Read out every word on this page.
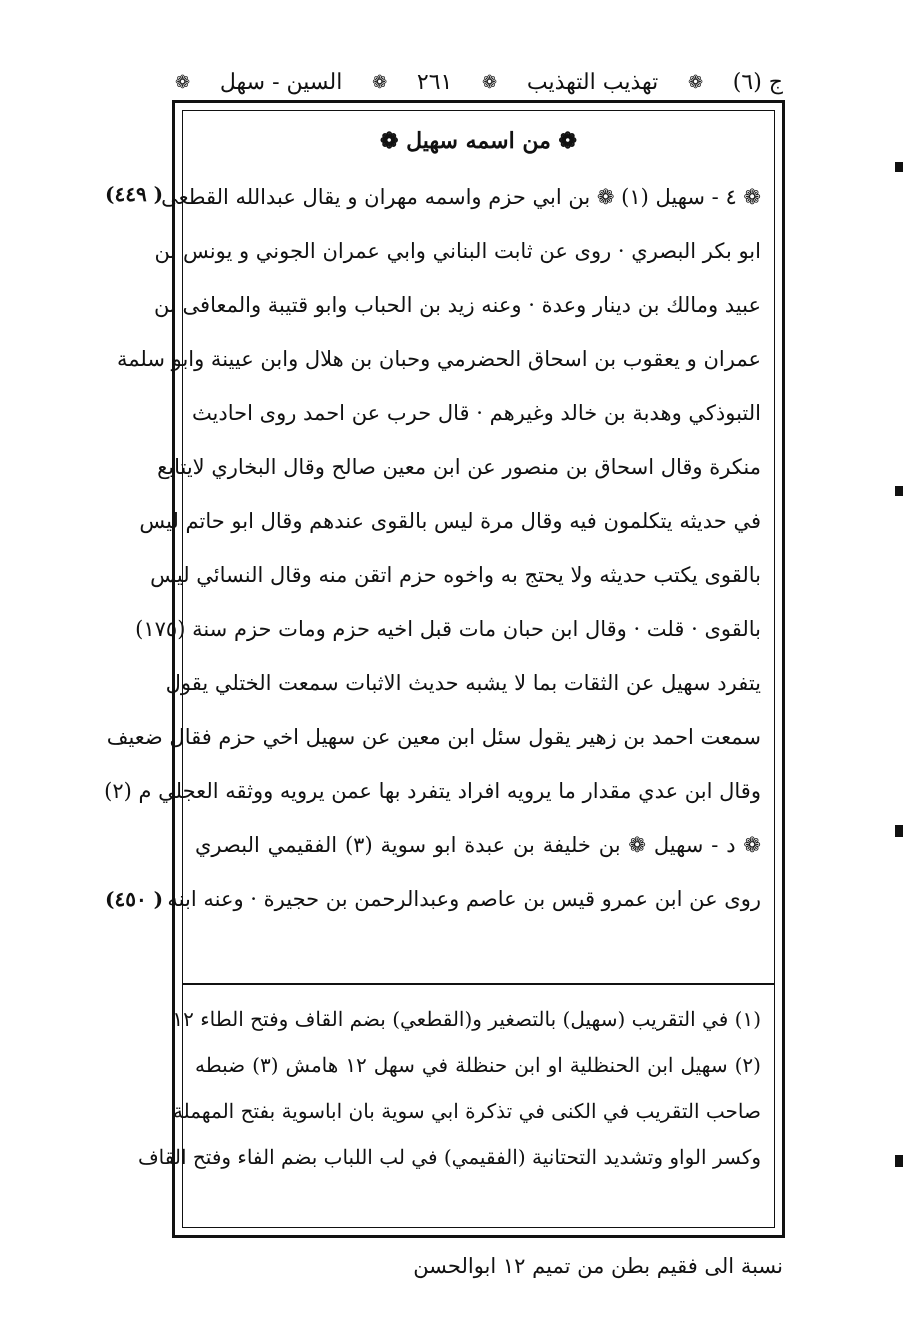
ج (٦)
❁
تهذيب التهذيب
❁
٢٦١
❁
السين - سهل
❁
❁ من اسمه سهيل ❁
( ٤٤٩)
( ٤٥٠)
❁ ٤ - سهيل (١) ❁ بن ابي حزم واسمه مهران و يقال عبدالله القطعى
ابو بكر البصري · روى عن ثابت البناني وابي عمران الجوني و يونس بن
عبيد ومالك بن دينار وعدة · وعنه زيد بن الحباب وابو قتيبة والمعافى بن
عمران و يعقوب بن اسحاق الحضرمي وحبان بن هلال وابن عيينة وابو سلمة
التبوذكي وهدبة بن خالد وغيرهم · قال حرب عن احمد روى احاديث
منكرة وقال اسحاق بن منصور عن ابن معين صالح وقال البخاري لايتابع
في حديثه يتكلمون فيه وقال مرة ليس بالقوى عندهم وقال ابو حاتم ليس
بالقوى يكتب حديثه ولا يحتج به واخوه حزم اتقن منه وقال النسائي ليس
بالقوى · قلت · وقال ابن حبان مات قبل اخيه حزم ومات حزم سنة (١٧٥)
يتفرد سهيل عن الثقات بما لا يشبه حديث الاثبات سمعت الختلي يقول
سمعت احمد بن زهير يقول سئل ابن معين عن سهيل اخي حزم فقال ضعيف
وقال ابن عدي مقدار ما يرويه افراد يتفرد بها عمن يرويه ووثقه العجلي م (٢)
❁ د - سهيل ❁ بن خليفة بن عبدة ابو سوية (٣) الفقيمي البصري
روى عن ابن عمرو قيس بن عاصم وعبدالرحمن بن حجيرة · وعنه ابنه
(١) في التقريب (سهيل) بالتصغير و(القطعي) بضم القاف وفتح الطاء ١٢
(٢) سهيل ابن الحنظلية او ابن حنظلة في سهل ١٢ هامش (٣) ضبطه
صاحب التقريب في الكنى في تذكرة ابي سوية بان اباسوية بفتح المهملة
وكسر الواو وتشديد التحتانية (الفقيمي) في لب اللباب بضم الفاء وفتح القاف
نسبة الى فقيم بطن من تميم ١٢ ابوالحسن
